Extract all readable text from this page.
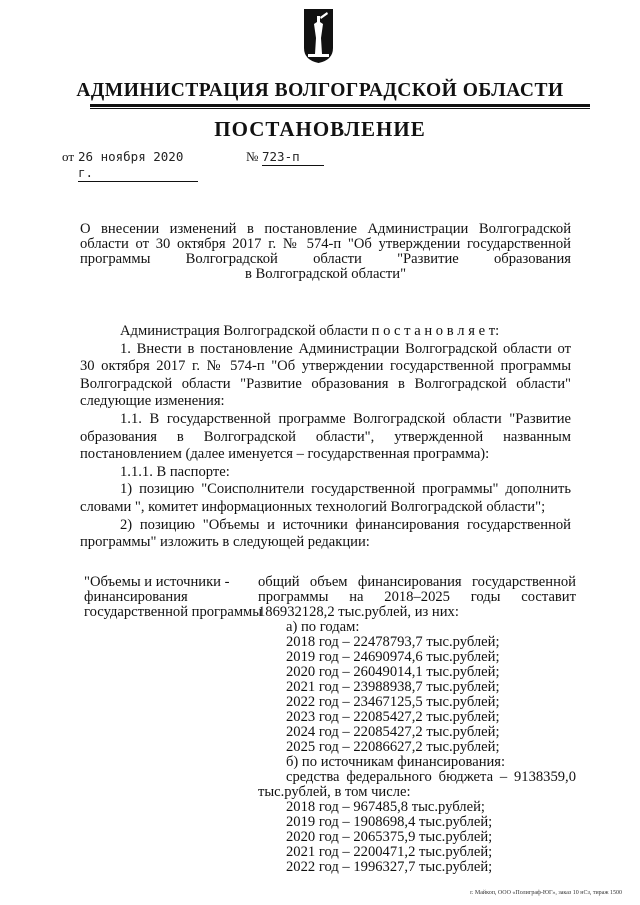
АДМИНИСТРАЦИЯ ВОЛГОГРАДСКОЙ ОБЛАСТИ
ПОСТАНОВЛЕНИЕ
от 26 ноября 2020 г.
№ 723-п
О внесении изменений в постановление Администрации Волгоградской
области от 30 октября 2017 г. № 574-п "Об утверждении государственной
программы Волгоградской области "Развитие образования
в Волгоградской области"
Администрация Волгоградской области п о с т а н о в л я е т:
1. Внести в постановление Администрации Волгоградской области от 30 октября 2017 г. № 574-п "Об утверждении государственной программы Волгоградской области "Развитие образования в Волгоградской области" следующие изменения:
1.1. В государственной программе Волгоградской области "Развитие образования в Волгоградской области", утвержденной названным постановлением (далее именуется – государственная программа):
1.1.1. В паспорте:
1) позицию "Соисполнители государственной программы" дополнить словами ", комитет информационных технологий Волгоградской области";
2) позицию "Объемы и источники финансирования государственной программы" изложить в следующей редакции:
"Объемы и источники - финансирования государственной программы
общий объем финансирования государственной программы на 2018–2025 годы составит 186932128,2 тыс.рублей, из них:
а) по годам:
2018 год – 22478793,7 тыс.рублей;
2019 год – 24690974,6 тыс.рублей;
2020 год – 26049014,1 тыс.рублей;
2021 год – 23988938,7 тыс.рублей;
2022 год – 23467125,5 тыс.рублей;
2023 год – 22085427,2 тыс.рублей;
2024 год – 22085427,2 тыс.рублей;
2025 год – 22086627,2 тыс.рублей;
б) по источникам финансирования:
средства федерального бюджета – 9138359,0 тыс.рублей, в том числе:
2018 год – 967485,8 тыс.рублей;
2019 год – 1908698,4 тыс.рублей;
2020 год – 2065375,9 тыс.рублей;
2021 год – 2200471,2 тыс.рублей;
2022 год – 1996327,7 тыс.рублей;
г. Майкоп, ООО «Полиграф-ЮГ», заказ 10 нСз, тираж 1500
